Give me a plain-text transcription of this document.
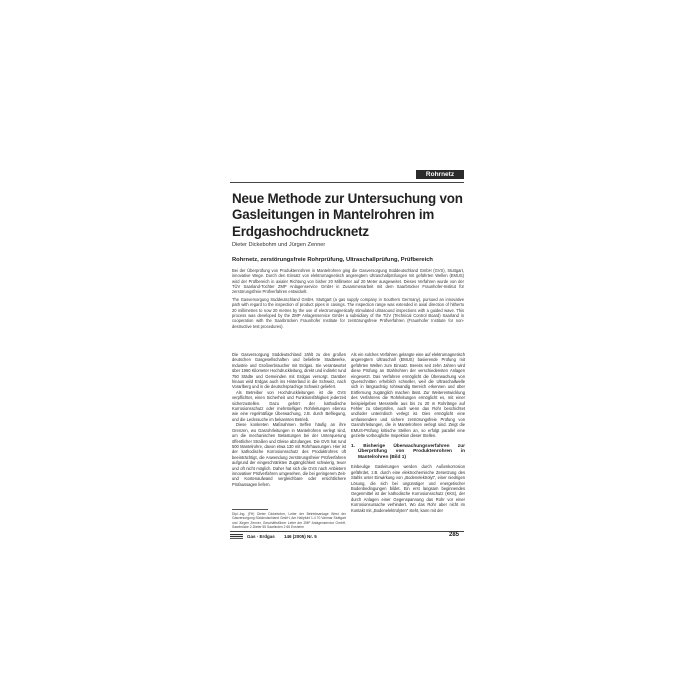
Rohrnetz
Neue Methode zur Untersuchung von Gasleitungen in Mantelrohren im Erdgashochdrucknetz
Dieter Dickebohm und Jürgen Zenner
Rohrnetz, zerstörungsfreie Rohrprüfung, Ultraschallprüfung, Prüfbereich
Bei der Überprüfung von Produktenrohren in Mantelrohren ging die Gasversorgung Süddeutschland GmbH (GVS), Stuttgart, innovative Wege. Durch den Einsatz von elektromagnetisch angeregtem Ultraschallprüfungen mit geführten Wellen (EMUS) wird der Prüfbereich in axialer Richtung von bisher 20 Millimeter auf 20 Meter ausgeweitet. Dieses Verfahren wurde von der TÜV Saarland-Tochter ZMP Anlagenservice GmbH in Zusammenarbeit mit dem Saarbrücker Fraunhofer-Institut für zerstörungsfreie Prüfverfahren entwickelt.
The Gasversorgung Süddeutschland GmbH, Stuttgart (a gas supply company in Southern Germany), pursued an innovative path with regard to the inspection of product pipes in casings. The inspection range was extended in axial direction of hitherto 20 millimetres to now 20 metres by the use of electromagnetically stimulated ultrasound inspections with a guided wave. This process was developed by the ZMP Anlagenservice GmbH a subsidiary of the TÜV (Technical Control Board) Saarland in cooperation with the Saarbrücken Fraunhofer Institute for zerstörungsfreie Prüfverfahren (Fraunhofer Institute for non-destructive test procedures).

Die Gasversorgung Süddeutschland zählt zu den großen deutschen Gasgesellschaften und belieferte Stadtwerke, Industrie und Großverbraucher mit Erdgas. Sie verantwortet über 1960 Kilometer Hochdruckleitung, direkt und indirekt rund 750 Städte und Gemeinden mit Erdgas versorgt. Darüber hinaus wird Erdgas auch ins Hinterland in die Schweiz, nach Vorarlberg und in die deutschsprachige Schweiz geliefert.

Als Betreiber von Hochdruckleitungen ist die GVS verpflichtet, einen Sicherheit und Funktionsfähigkeit jederzeit sicherzustellen. Dazu gehört der kathodische Korrosionsschutz oder mehrstelligen Rohrleitungen ebenso wie eine regelmäßige Überwachung, z.B. durch Befliegung, und die Leckssuche im bekannten Betrieb.

Diese konkreten Maßnahmen treffen häufig an ihre Grenzen, wo Gasrohrleitungen in Mantelrohren verlegt sind, um die mechanischen Belastungen bei der Unterquerung öffentlicher Straßen und Gleise abzufangen. Die GVS hat rund 500 Mantelrohre, davon etwa 130 mit Rohrhausungen. Hier ist der kathodische Korrosionsschutz des Produktrohres oft beeinträchtigt, die Anwendung zerstörungsfreier Prüfverfahren aufgrund der eingeschränkten Zugänglichkeit schwierig, teuer und oft nicht möglich. Daher hat sich die GVS nach Anbietern innovativer Prüfverfahren umgesehen, die bei geringerem Zeit- und Kostenaufwand vergleichbare oder ersichtlichere Prüfaussagen liefern.

Als ein solches Verfahren gelangte eine auf elektromagnetisch angeregtem Ultraschall (EMUS) basierende Prüfung mit geführten Wellen zum Einsatz. Bereits seit zehn Jahren wird diese Prüfung an Stahlrohren der verschiedensten Anlagen eingesetzt. Das Verfahren ermöglicht die Überwachung von Querschnitten erheblich schneller, weil die Ultraschallwelle sich in längsachsig rohrwandig Bereich erkennen und über Entfernung zugänglich machen lässt. Zur Weiterentwicklung des Verfahrens die Rohrleitungen ermöglicht es, mit einer beispielgeben Messstelle aus bis zu 20 m Rohrlänge auf Fehler zu überprüfen, auch wenn das Rohr beschichtet und/oder unterirdisch verlegt ist. Dies ermöglicht eine umfassendere und sichere zerstörungsfreie Prüfung von Gasrohrleitungen, die in Mantelrohren verlegt sind. Zeigt die EMUS-Prüfung kritische Stellen an, so erfolgt parallel eine gezielte vorbeugliche Inspektion dieser Stellen.

1. Bisherige Überwachungsverfahren zur Überprüfung von Produktenrohren in Mantelrohren (Bild 1)

Einbeulige Gasleitungen werden durch Außenkorrosion gefährdet, z.B. durch eine elektrochemische Zersetzung des Stahls unter Einwirkung von „Bodenelektrolyt", einer niedrigen Lösung, die sich bei ungünstiger und energetischer Bodenbedingungen bildet. Ein erst langsam beginnendes Gegenmittel ist der kathodische Korrosionsschutz (KKS), der durch Anlagen einer Gegenspannung das Rohr vor einer Korrosionsursache verhindert. Wo das Rohr aber nicht im Kontakt mit „Bodenelektrolyten" steht, kann mit der

Dipl.-Ing. (FH) Dieter Dickebohm, Leiter der Betriebsanlage West der Gasversorgung Süddeutschland GmbH, Am Hallpfuhl 1-4 70 Vanmar Stuttgart und Jürgen Zenner, Geschäftsführer Leiter der ZMP Anlagenservice GmbH, Saarbrücke 2-Dieter 55 Saarlinden 2 66 Ensheim
Gas · Erdgas 146 (2005) Nr. 5	285
